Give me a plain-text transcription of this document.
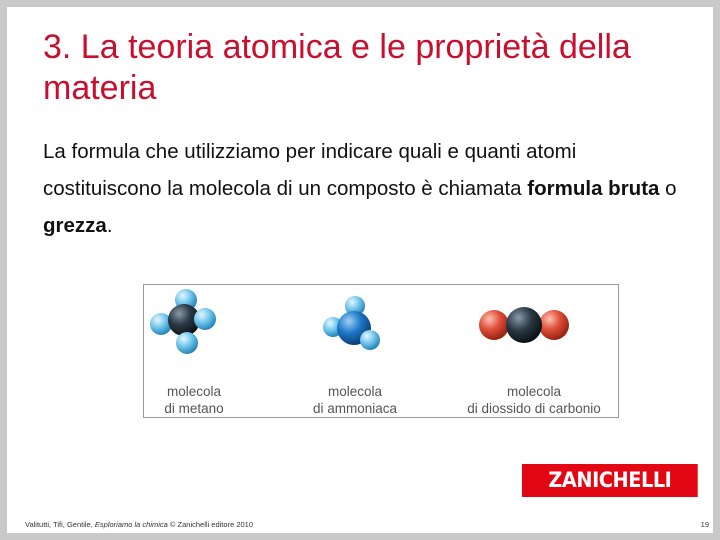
3. La teoria atomica e le proprietà della materia
La formula che utilizziamo per indicare quali e quanti atomi costituiscono la molecola di un composto è chiamata formula bruta o grezza.
molecola
di metano
molecola
di ammoniaca
molecola
di diossido di carbonio
ZANICHELLI
Valitutti, Tifi, Gentile, Esploriamo la chimica © Zanichelli editore 2010	19
